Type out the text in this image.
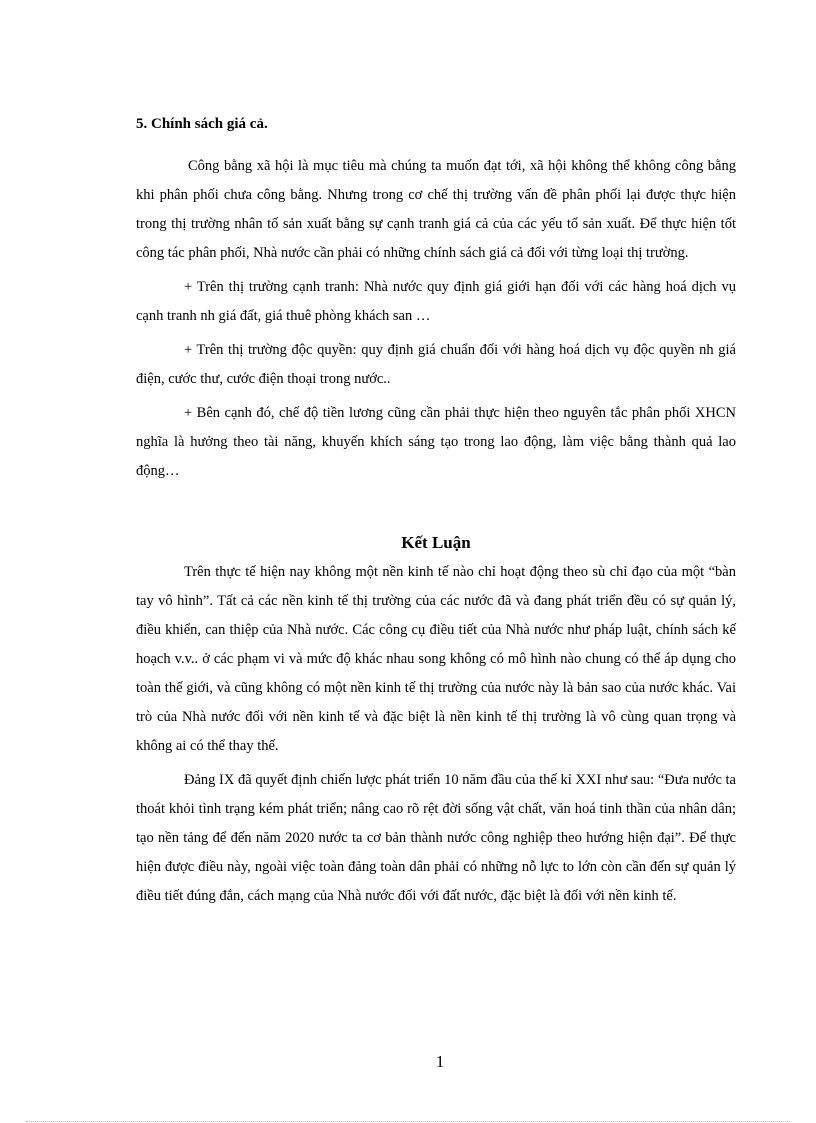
5. Chính sách giá cả.

Công bằng xã hội là mục tiêu mà chúng ta muốn đạt tới, xã hội không thể không công bằng khi phân phối chưa công bằng. Nhưng trong cơ chế thị trường vấn đề phân phối lại được thực hiện trong thị trường nhân tố sản xuất bằng sự cạnh tranh giá cả của các yếu tố sản xuất. Để thực hiện tốt công tác phân phối, Nhà nước cần phải có những chính sách giá cả đối với từng loại thị trường.

+ Trên thị trường cạnh tranh: Nhà nước quy định giá giới hạn đối với các hàng hoá dịch vụ cạnh tranh nh giá đất, giá thuê phòng khách san …

+ Trên thị trường độc quyền: quy định giá chuẩn đối với hàng hoá dịch vụ độc quyền nh giá điện, cước thư, cước điện thoại trong nước..

+ Bên cạnh đó, chế độ tiền lương cũng cần phải thực hiện theo nguyên tắc phân phối XHCN nghĩa là hưởng theo tài năng, khuyến khích sáng tạo trong lao động, làm việc bằng thành quả lao động…

Kết Luận

Trên thực tế hiện nay không một nền kinh tế nào chỉ hoạt động theo sù chỉ đạo của một “bàn tay vô hình”. Tất cả các nền kinh tế thị trường của các nước đã và đang phát triển đều có sự quản lý, điều khiển, can thiệp của Nhà nước. Các công cụ điều tiết của Nhà nước như pháp luật, chính sách kế hoạch v.v.. ở các phạm vi và mức độ khác nhau song không có mô hình nào chung có thể áp dụng cho toàn thế giới, và cũng không có một nền kinh tế thị trường của nước này là bản sao của nước khác. Vai trò của Nhà nước đối với nền kinh tế và đặc biệt là nền kinh tế thị trường là vô cùng quan trọng và không ai có thể thay thế.

Đảng IX đã quyết định chiến lược phát triển 10 năm đầu của thế kỉ XXI như sau: “Đưa nước ta thoát khỏi tình trạng kém phát triển; nâng cao rõ rệt đời sống vật chất, văn hoá tinh thần của nhân dân; tạo nền tảng để đến năm 2020 nước ta cơ bản thành nước công nghiệp theo hướng hiện đại”. Để thực hiện được điều này, ngoài việc toàn đảng toàn dân phải có những nỗ lực to lớn còn cần đến sự quản lý điều tiết đúng đắn, cách mạng của Nhà nước đối với đất nước, đặc biệt là đối với nền kinh tế.

1
